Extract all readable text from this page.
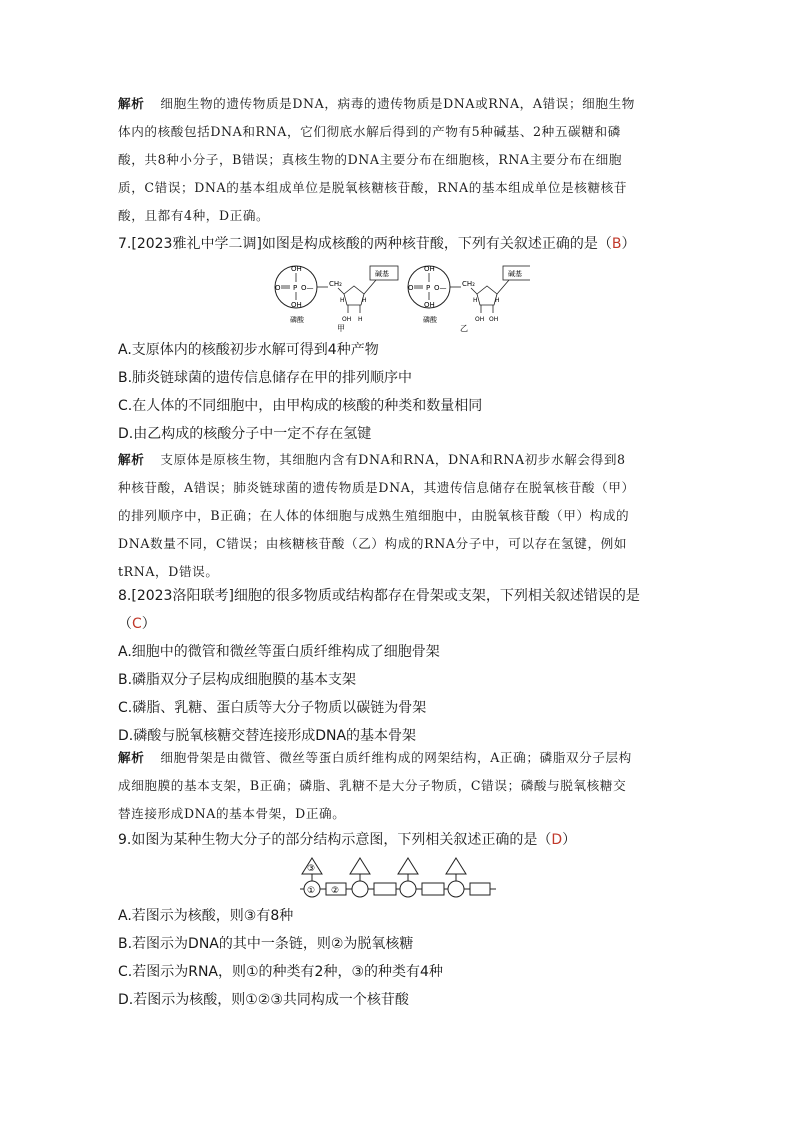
解析 细胞生物的遗传物质是DNA，病毒的遗传物质是DNA或RNA，A错误；细胞生物
体内的核酸包括DNA和RNA，它们彻底水解后得到的产物有5种碱基、2种五碳糖和磷
酸，共8种小分子，B错误；真核生物的DNA主要分布在细胞核，RNA主要分布在细胞
质，C错误；DNA的基本组成单位是脱氧核糖核苷酸，RNA的基本组成单位是核糖核苷
酸，且都有4种，D正确。
7.[2023雅礼中学二调]如图是构成核酸的两种核苷酸，下列有关叙述正确的是（B）
OH
O P O—
OH
CH₂
碱基
H	H
OH H
磷酸
甲
OH
O P O—
OH
CH₂
碱基
H	H
OH OH
磷酸
乙
A.支原体内的核酸初步水解可得到4种产物
B.肺炎链球菌的遗传信息储存在甲的排列顺序中
C.在人体的不同细胞中，由甲构成的核酸的种类和数量相同
D.由乙构成的核酸分子中一定不存在氢键
解析 支原体是原核生物，其细胞内含有DNA和RNA，DNA和RNA初步水解会得到8
种核苷酸，A错误；肺炎链球菌的遗传物质是DNA，其遗传信息储存在脱氧核苷酸（甲）
的排列顺序中，B正确；在人体的体细胞与成熟生殖细胞中，由脱氧核苷酸（甲）构成的
DNA数量不同，C错误；由核糖核苷酸（乙）构成的RNA分子中，可以存在氢键，例如
tRNA，D错误。
8.[2023洛阳联考]细胞的很多物质或结构都存在骨架或支架，下列相关叙述错误的是
（C）
A.细胞中的微管和微丝等蛋白质纤维构成了细胞骨架
B.磷脂双分子层构成细胞膜的基本支架
C.磷脂、乳糖、蛋白质等大分子物质以碳链为骨架
D.磷酸与脱氧核糖交替连接形成DNA的基本骨架
解析 细胞骨架是由微管、微丝等蛋白质纤维构成的网架结构，A正确；磷脂双分子层构
成细胞膜的基本支架，B正确；磷脂、乳糖不是大分子物质，C错误；磷酸与脱氧核糖交
替连接形成DNA的基本骨架，D正确。
9.如图为某种生物大分子的部分结构示意图，下列相关叙述正确的是（D）
③
① ②
A.若图示为核酸，则③有8种
B.若图示为DNA的其中一条链，则②为脱氧核糖
C.若图示为RNA，则①的种类有2种，③的种类有4种
D.若图示为核酸，则①②③共同构成一个核苷酸
